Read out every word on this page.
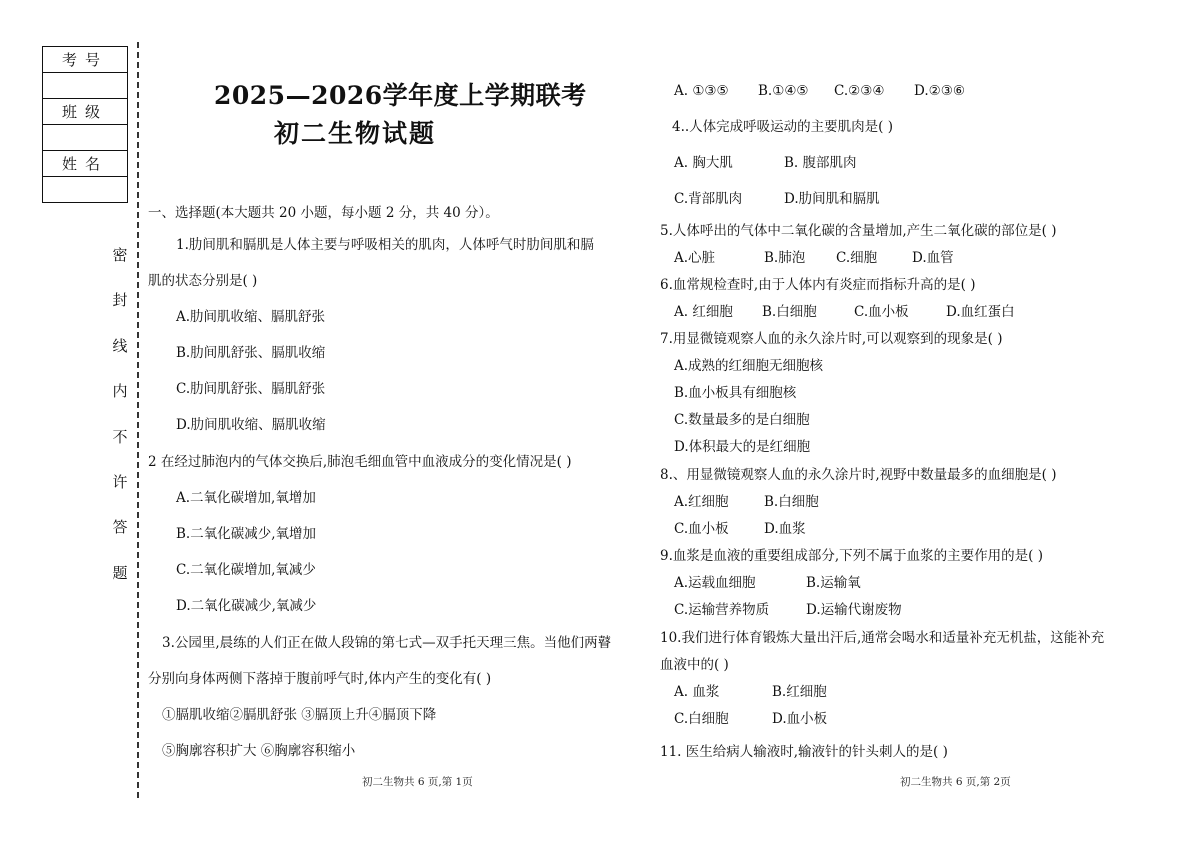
考号

班级

姓名

密
封
线
内
不
许
答
题
2025—2026学年度上学期联考
初二生物试题
一、选择题(本大题共 20 小题，每小题 2 分，共 40 分）。
1.肋间肌和膈肌是人体主要与呼吸相关的肌肉，人体呼气时肋间肌和膈
肌的状态分别是( )
A.肋间肌收缩、膈肌舒张
B.肋间肌舒张、膈肌收缩
C.肋间肌舒张、膈肌舒张
D.肋间肌收缩、膈肌收缩
2 在经过肺泡内的气体交换后,肺泡毛细血管中血液成分的变化情况是( )
A.二氧化碳增加,氧增加
B.二氧化碳减少,氧增加
C.二氧化碳增加,氧减少
D.二氧化碳减少,氧减少
3.公园里,晨练的人们正在做人段锦的第七式—双手托天理三焦。当他们两瞽
分别向身体两侧下落掉于腹前呼气时,体内产生的变化有( )
①膈肌收缩②膈肌舒张 ③膈顶上升④膈顶下降
⑤胸廓容积扩大 ⑥胸廓容积缩小
初二生物共 6 页,第 1页
A. ①③⑤ B.①④⑤ C.②③④ D.②③⑥
4..人体完成呼吸运动的主要肌肉是( )
A. 胸大肌	B. 腹部肌肉
C.背部肌肉	D.肋间肌和膈肌
5.人体呼出的气体中二氧化碳的含量增加,产生二氧化碳的部位是( )
A.心脏	B.肺泡 C.细胞	D.血管
6.血常规检查时,由于人体内有炎症而指标升高的是( )
A. 红细胞 B.白细胞	C.血小板	D.血红蛋白
7.用显微镜观察人血的永久涂片时,可以观察到的现象是( )
A.成熟的红细胞无细胞核
B.血小板具有细胞核
C.数量最多的是白细胞
D.体积最大的是红细胞
8.、用显微镜观察人血的永久涂片时,视野中数量最多的血细胞是( )
A.红细胞	B.白细胞
C.血小板	D.血浆
9.血浆是血液的重要组成部分,下列不属于血浆的主要作用的是( )
A.运载血细胞	B.运输氧
C.运输营养物质	D.运输代谢废物
10.我们进行体育锻炼大量出汗后,通常会喝水和适量补充无机盐，这能补充
血液中的( )
A. 血浆	B.红细胞
C.白细胞	D.血小板
11. 医生给病人输液时,输液针的针头刺人的是( )
初二生物共 6 页,第 2页
